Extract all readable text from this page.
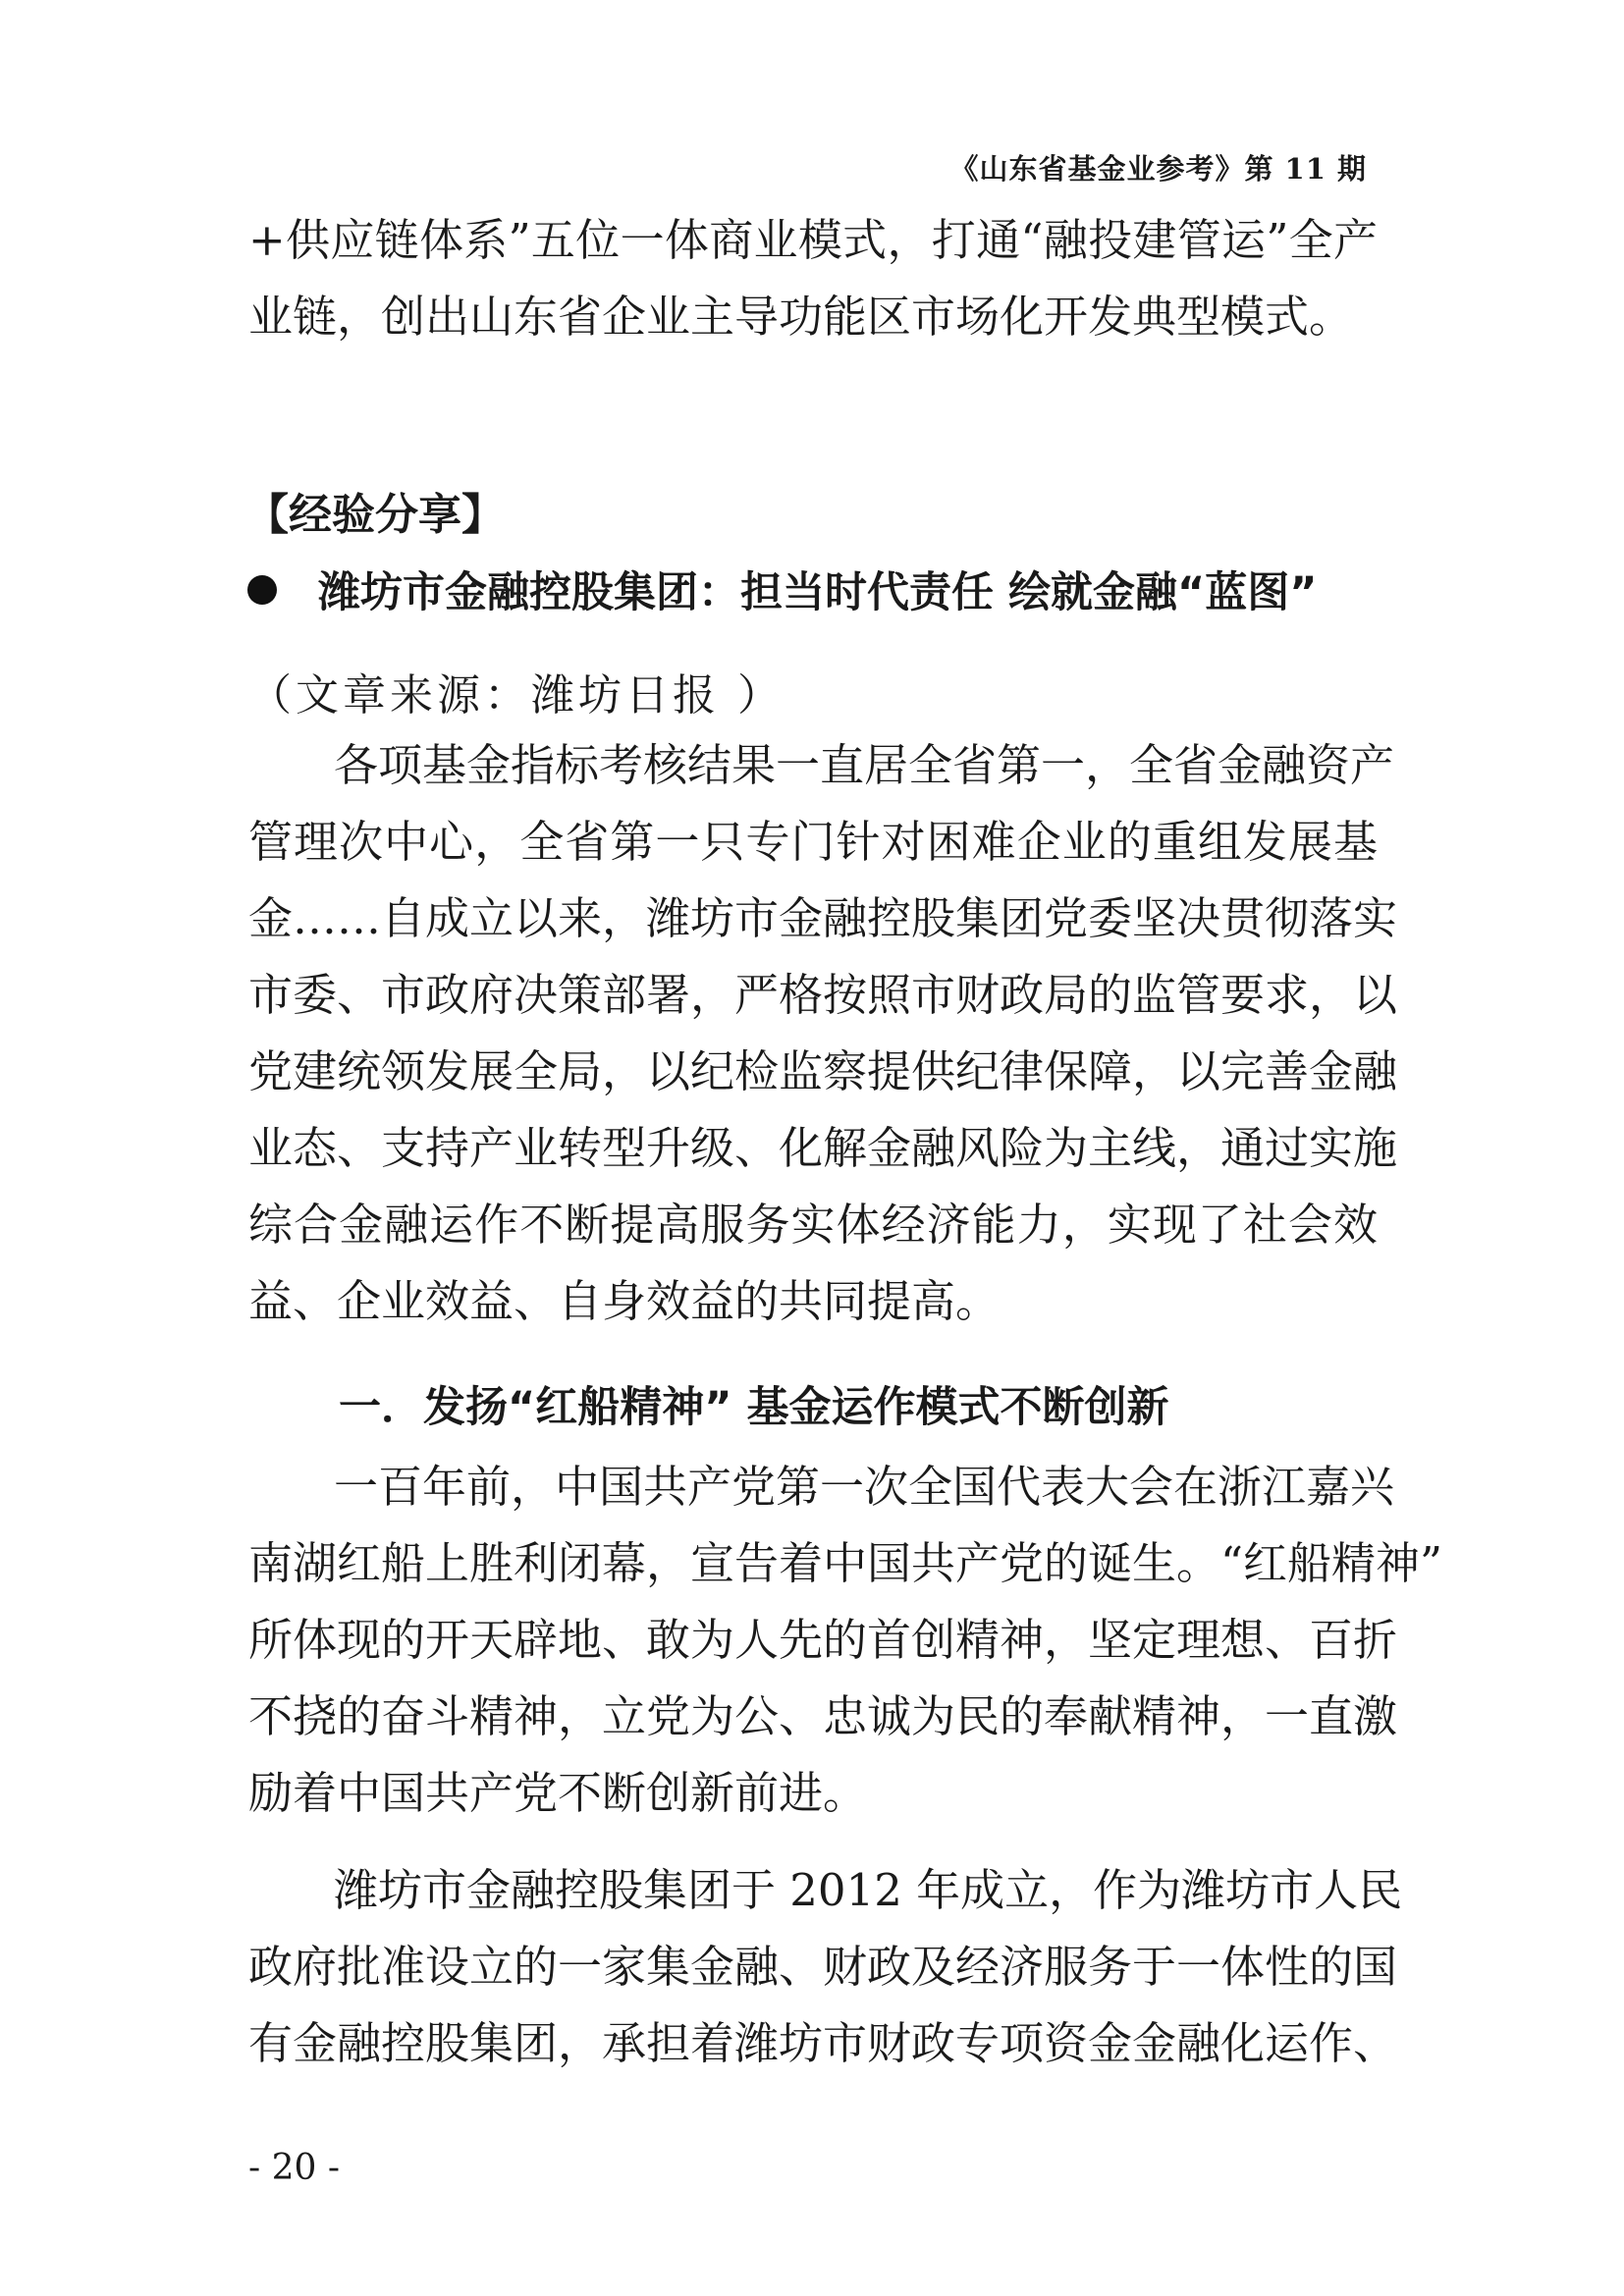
《山东省基金业参考》第 11 期
+供应链体系”五位一体商业模式，打通“融投建管运”全产
业链，创出山东省企业主导功能区市场化开发典型模式。
【经验分享】
潍坊市金融控股集团：担当时代责任 绘就金融“蓝图”
（文章来源：潍坊日报 ）
各项基金指标考核结果一直居全省第一，全省金融资产
管理次中心，全省第一只专门针对困难企业的重组发展基
金……自成立以来，潍坊市金融控股集团党委坚决贯彻落实
市委、市政府决策部署，严格按照市财政局的监管要求，以
党建统领发展全局，以纪检监察提供纪律保障，以完善金融
业态、支持产业转型升级、化解金融风险为主线，通过实施
综合金融运作不断提高服务实体经济能力，实现了社会效
益、企业效益、自身效益的共同提高。
一．发扬“红船精神” 基金运作模式不断创新
一百年前，中国共产党第一次全国代表大会在浙江嘉兴
南湖红船上胜利闭幕，宣告着中国共产党的诞生。“红船精神”
所体现的开天辟地、敢为人先的首创精神，坚定理想、百折
不挠的奋斗精神，立党为公、忠诚为民的奉献精神，一直激
励着中国共产党不断创新前进。
潍坊市金融控股集团于 2012 年成立，作为潍坊市人民
政府批准设立的一家集金融、财政及经济服务于一体性的国
有金融控股集团，承担着潍坊市财政专项资金金融化运作、
- 20 -
